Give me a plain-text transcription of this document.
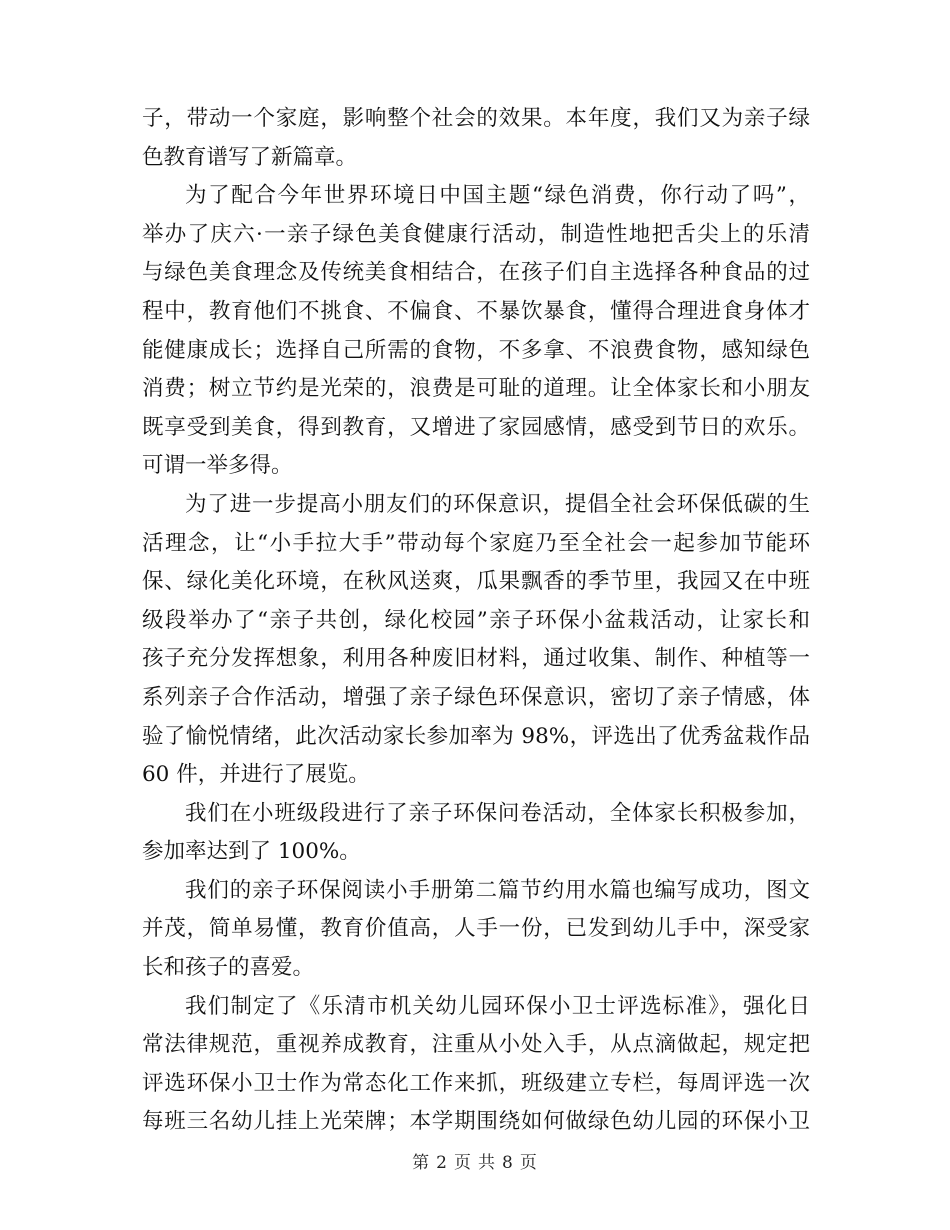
子，带动一个家庭，影响整个社会的效果。本年度，我们又为亲子绿
色教育谱写了新篇章。
为了配合今年世界环境日中国主题“绿色消费，你行动了吗”，
举办了庆六·一亲子绿色美食健康行活动，制造性地把舌尖上的乐清
与绿色美食理念及传统美食相结合，在孩子们自主选择各种食品的过
程中，教育他们不挑食、不偏食、不暴饮暴食，懂得合理进食身体才
能健康成长；选择自己所需的食物，不多拿、不浪费食物，感知绿色
消费；树立节约是光荣的，浪费是可耻的道理。让全体家长和小朋友
既享受到美食，得到教育，又增进了家园感情，感受到节日的欢乐。
可谓一举多得。
为了进一步提高小朋友们的环保意识，提倡全社会环保低碳的生
活理念，让“小手拉大手”带动每个家庭乃至全社会一起参加节能环
保、绿化美化环境，在秋风送爽，瓜果飘香的季节里，我园又在中班
级段举办了“亲子共创，绿化校园”亲子环保小盆栽活动，让家长和
孩子充分发挥想象，利用各种废旧材料，通过收集、制作、种植等一
系列亲子合作活动，增强了亲子绿色环保意识，密切了亲子情感，体
验了愉悦情绪，此次活动家长参加率为 98%，评选出了优秀盆栽作品
60 件，并进行了展览。
我们在小班级段进行了亲子环保问卷活动，全体家长积极参加，
参加率达到了 100%。
我们的亲子环保阅读小手册第二篇节约用水篇也编写成功，图文
并茂，简单易懂，教育价值高，人手一份，已发到幼儿手中，深受家
长和孩子的喜爱。
我们制定了《乐清市机关幼儿园环保小卫士评选标准》，强化日
常法律规范，重视养成教育，注重从小处入手，从点滴做起，规定把
评选环保小卫士作为常态化工作来抓，班级建立专栏，每周评选一次
每班三名幼儿挂上光荣牌；本学期围绕如何做绿色幼儿园的环保小卫
第 2 页 共 8 页
